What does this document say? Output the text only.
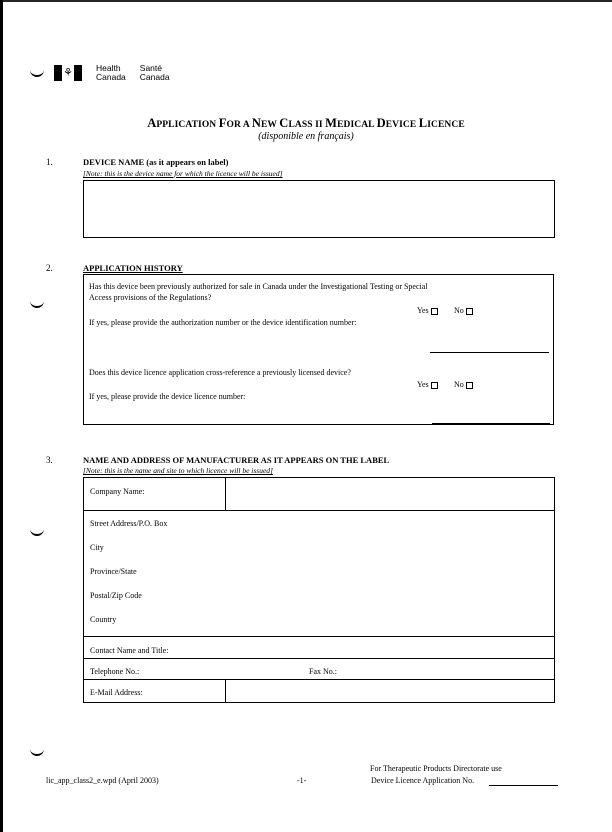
⚘	Health
Canada
Santé
Canada
APPLICATION FOR A NEW CLASS II MEDICAL DEVICE LICENCE
(disponible en français)
1.	DEVICE NAME (as it appears on label)
[Note: this is the device name for which the licence will be issued]
2.	APPLICATION HISTORY
Has this device been previously authorized for sale in Canada under the Investigational Testing or Special
Access provisions of the Regulations?
Yes	No
If yes, please provide the authorization number or the device identification number:
Does this device licence application cross-reference a previously licensed device?
Yes	No
If yes, please provide the device licence number:
3.	NAME AND ADDRESS OF MANUFACTURER AS IT APPEARS ON THE LABEL
[Note: this is the name and site to which licence will be issued]
Company Name:
Street Address/P.O. Box
City
Province/State
Postal/Zip Code
Country
Contact Name and Title:
Telephone No.:	Fax No.:
E-Mail Address:
lic_app_class2_e.wpd (April 2003)	-1-
For Therapeutic Products Directorate use
Device Licence Application No.
